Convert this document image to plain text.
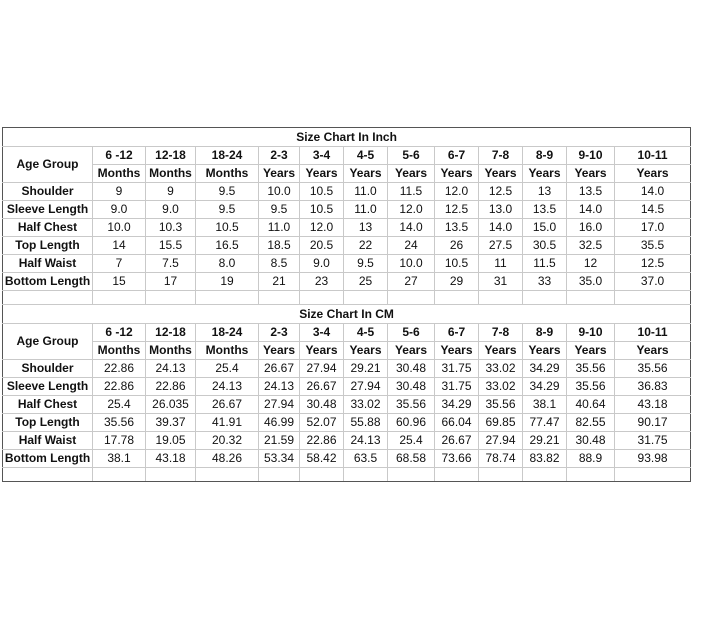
Size Chart In Inch												
Age Group	6 -12	12-18	18-24	2-3	3-4	4-5	5-6	6-7	7-8	8-9	9-10	10-11
	Months	Months	Months	Years	Years	Years	Years	Years	Years	Years	Years	Years
Shoulder	9	9	9.5	10.0	10.5	11.0	11.5	12.0	12.5	13	13.5	14.0
Sleeve Length	9.0	9.0	9.5	9.5	10.5	11.0	12.0	12.5	13.0	13.5	14.0	14.5
Half Chest	10.0	10.3	10.5	11.0	12.0	13	14.0	13.5	14.0	15.0	16.0	17.0
Top Length	14	15.5	16.5	18.5	20.5	22	24	26	27.5	30.5	32.5	35.5
Half Waist	7	7.5	8.0	8.5	9.0	9.5	10.0	10.5	11	11.5	12	12.5
Bottom Length	15	17	19	21	23	25	27	29	31	33	35.0	37.0

Size Chart In CM												
Age Group	6 -12	12-18	18-24	2-3	3-4	4-5	5-6	6-7	7-8	8-9	9-10	10-11
	Months	Months	Months	Years	Years	Years	Years	Years	Years	Years	Years	Years
Shoulder	22.86	24.13	25.4	26.67	27.94	29.21	30.48	31.75	33.02	34.29	35.56	35.56
Sleeve Length	22.86	22.86	24.13	24.13	26.67	27.94	30.48	31.75	33.02	34.29	35.56	36.83
Half Chest	25.4	26.035	26.67	27.94	30.48	33.02	35.56	34.29	35.56	38.1	40.64	43.18
Top Length	35.56	39.37	41.91	46.99	52.07	55.88	60.96	66.04	69.85	77.47	82.55	90.17
Half Waist	17.78	19.05	20.32	21.59	22.86	24.13	25.4	26.67	27.94	29.21	30.48	31.75
Bottom Length	38.1	43.18	48.26	53.34	58.42	63.5	68.58	73.66	78.74	83.82	88.9	93.98
